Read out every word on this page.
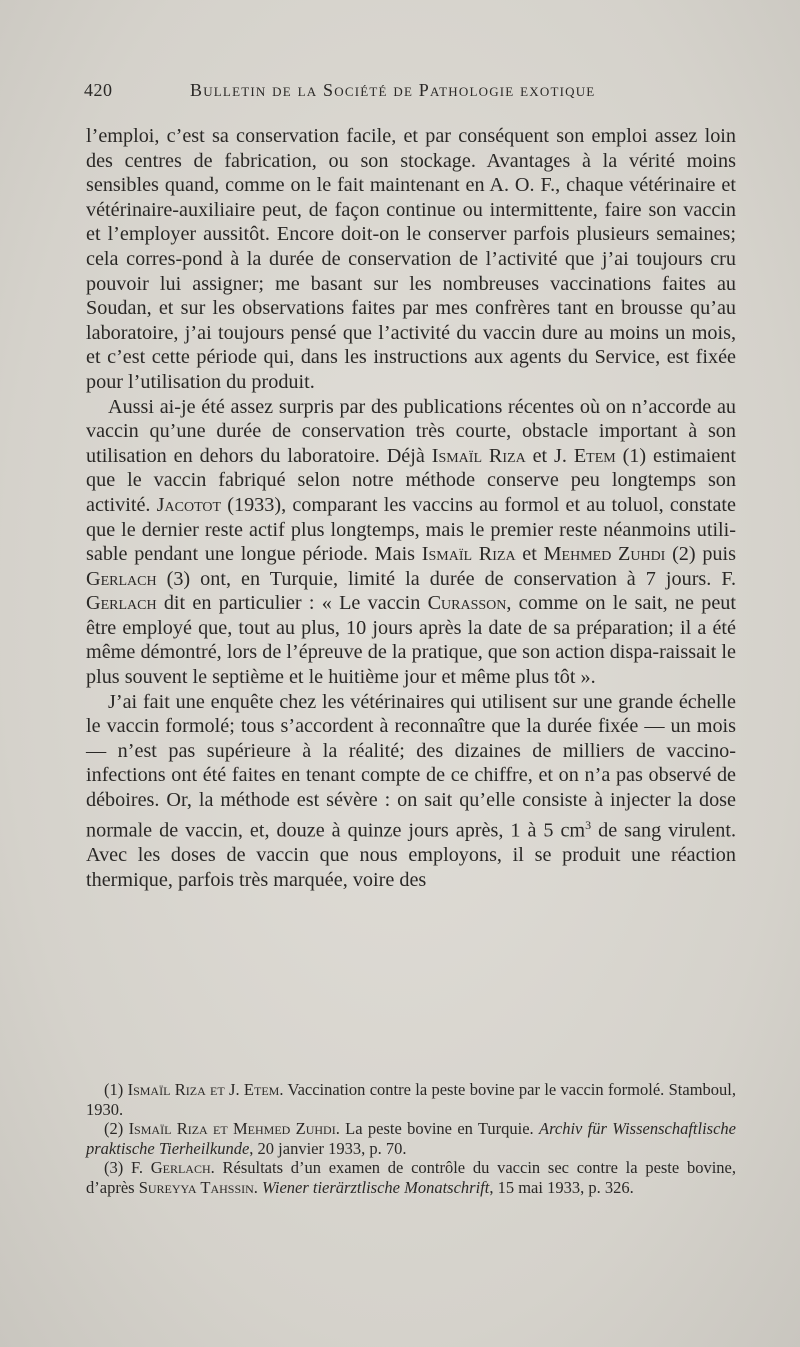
420	Bulletin de la Société de Pathologie exotique

l’emploi, c’est sa conservation facile, et par conséquent son emploi assez loin des centres de fabrication, ou son stockage. Avantages à la vérité moins sensibles quand, comme on le fait maintenant en A. O. F., chaque vétérinaire et vétérinaire-auxiliaire peut, de façon continue ou intermittente, faire son vaccin et l’employer aussitôt. Encore doit-on le conserver parfois plusieurs semaines; cela corres-pond à la durée de conservation de l’activité que j’ai toujours cru pouvoir lui assigner; me basant sur les nombreuses vaccinations faites au Soudan, et sur les observations faites par mes confrères tant en brousse qu’au laboratoire, j’ai toujours pensé que l’activité du vaccin dure au moins un mois, et c’est cette période qui, dans les instructions aux agents du Service, est fixée pour l’utilisation du produit.

Aussi ai-je été assez surpris par des publications récentes où on n’accorde au vaccin qu’une durée de conservation très courte, obstacle important à son utilisation en dehors du laboratoire. Déjà Ismaïl Riza et J. Etem (1) estimaient que le vaccin fabriqué selon notre méthode conserve peu longtemps son activité. Jacotot (1933), comparant les vaccins au formol et au toluol, constate que le dernier reste actif plus longtemps, mais le premier reste néanmoins utili-sable pendant une longue période. Mais Ismaïl Riza et Mehmed Zuhdi (2) puis Gerlach (3) ont, en Turquie, limité la durée de conservation à 7 jours. F. Gerlach dit en particulier : « Le vaccin Curasson, comme on le sait, ne peut être employé que, tout au plus, 10 jours après la date de sa préparation; il a été même démontré, lors de l’épreuve de la pratique, que son action dispa-raissait le plus souvent le septième et le huitième jour et même plus tôt ».

J’ai fait une enquête chez les vétérinaires qui utilisent sur une grande échelle le vaccin formolé; tous s’accordent à reconnaître que la durée fixée — un mois — n’est pas supérieure à la réalité; des dizaines de milliers de vaccino-infections ont été faites en tenant compte de ce chiffre, et on n’a pas observé de déboires. Or, la méthode est sévère : on sait qu’elle consiste à injecter la dose normale de vaccin, et, douze à quinze jours après, 1 à 5 $cm^3$ de sang virulent. Avec les doses de vaccin que nous employons, il se produit une réaction thermique, parfois très marquée, voire des

(1) Ismaïl Riza et J. Etem. Vaccination contre la peste bovine par le vaccin formolé. Stamboul, 1930.

(2) Ismaïl Riza et Mehmed Zuhdi. La peste bovine en Turquie. Archiv für Wissenschaftlische praktische Tierheilkunde, 20 janvier 1933, p. 70.

(3) F. Gerlach. Résultats d’un examen de contrôle du vaccin sec contre la peste bovine, d’après Sureyya Tahssin. Wiener tierärztlische Monatschrift, 15 mai 1933, p. 326.
